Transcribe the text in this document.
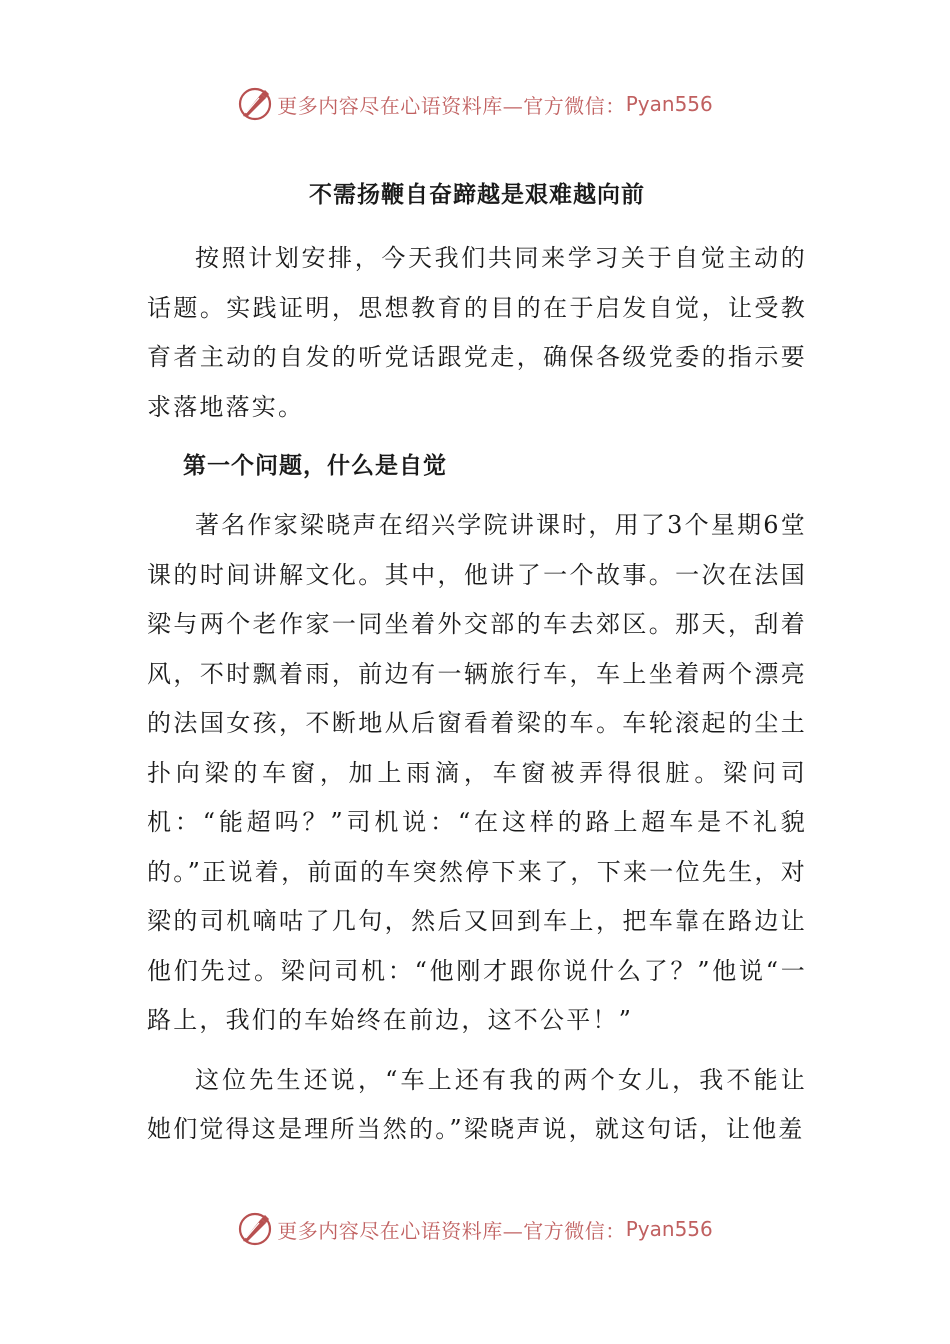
更多内容尽在心语资料库—官方微信： Pyan556
不需扬鞭自奋蹄越是艰难越向前

按照计划安排，今天我们共同来学习关于自觉主动的话题。实践证明，思想教育的目的在于启发自觉，让受教育者主动的自发的听党话跟党走，确保各级党委的指示要求落地落实。

第一个问题，什么是自觉

著名作家梁晓声在绍兴学院讲课时，用了3个星期6堂课的时间讲解文化。其中，他讲了一个故事。一次在法国梁与两个老作家一同坐着外交部的车去郊区。那天，刮着风，不时飘着雨，前边有一辆旅行车，车上坐着两个漂亮的法国女孩，不断地从后窗看着梁的车。车轮滚起的尘土扑向梁的车窗，加上雨滴，车窗被弄得很脏。梁问司机：“能超吗？”司机说：“在这样的路上超车是不礼貌的。”正说着，前面的车突然停下来了，下来一位先生，对梁的司机嘀咕了几句，然后又回到车上，把车靠在路边让他们先过。梁问司机：“他刚才跟你说什么了？”他说“一路上，我们的车始终在前边，这不公平！”

这位先生还说，“车上还有我的两个女儿，我不能让她们觉得这是理所当然的。”梁晓声说，就这句话，让他羞

更多内容尽在心语资料库—官方微信： Pyan556
